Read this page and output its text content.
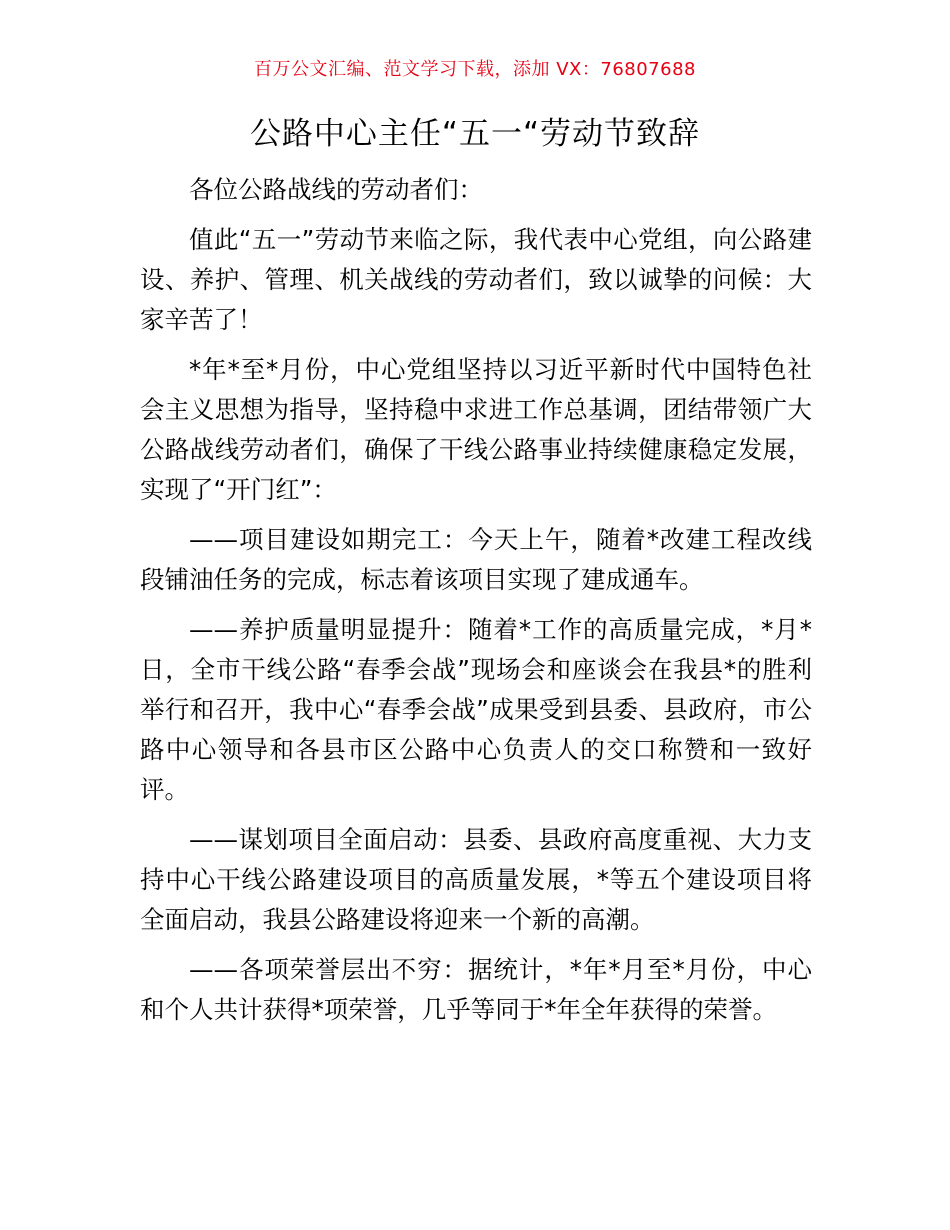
百万公文汇编、范文学习下载，添加 VX：76807688
公路中心主任“五一“劳动节致辞

各位公路战线的劳动者们：

值此“五一”劳动节来临之际，我代表中心党组，向公路建设、养护、管理、机关战线的劳动者们，致以诚挚的问候：大家辛苦了！

*年*至*月份，中心党组坚持以习近平新时代中国特色社会主义思想为指导，坚持稳中求进工作总基调，团结带领广大公路战线劳动者们，确保了干线公路事业持续健康稳定发展，实现了“开门红”：

——项目建设如期完工：今天上午，随着*改建工程改线段铺油任务的完成，标志着该项目实现了建成通车。

——养护质量明显提升：随着*工作的高质量完成，*月*日，全市干线公路“春季会战”现场会和座谈会在我县*的胜利举行和召开，我中心“春季会战”成果受到县委、县政府，市公路中心领导和各县市区公路中心负责人的交口称赞和一致好评。

——谋划项目全面启动：县委、县政府高度重视、大力支持中心干线公路建设项目的高质量发展，*等五个建设项目将全面启动，我县公路建设将迎来一个新的高潮。

——各项荣誉层出不穷：据统计，*年*月至*月份，中心和个人共计获得*项荣誉，几乎等同于*年全年获得的荣誉。
